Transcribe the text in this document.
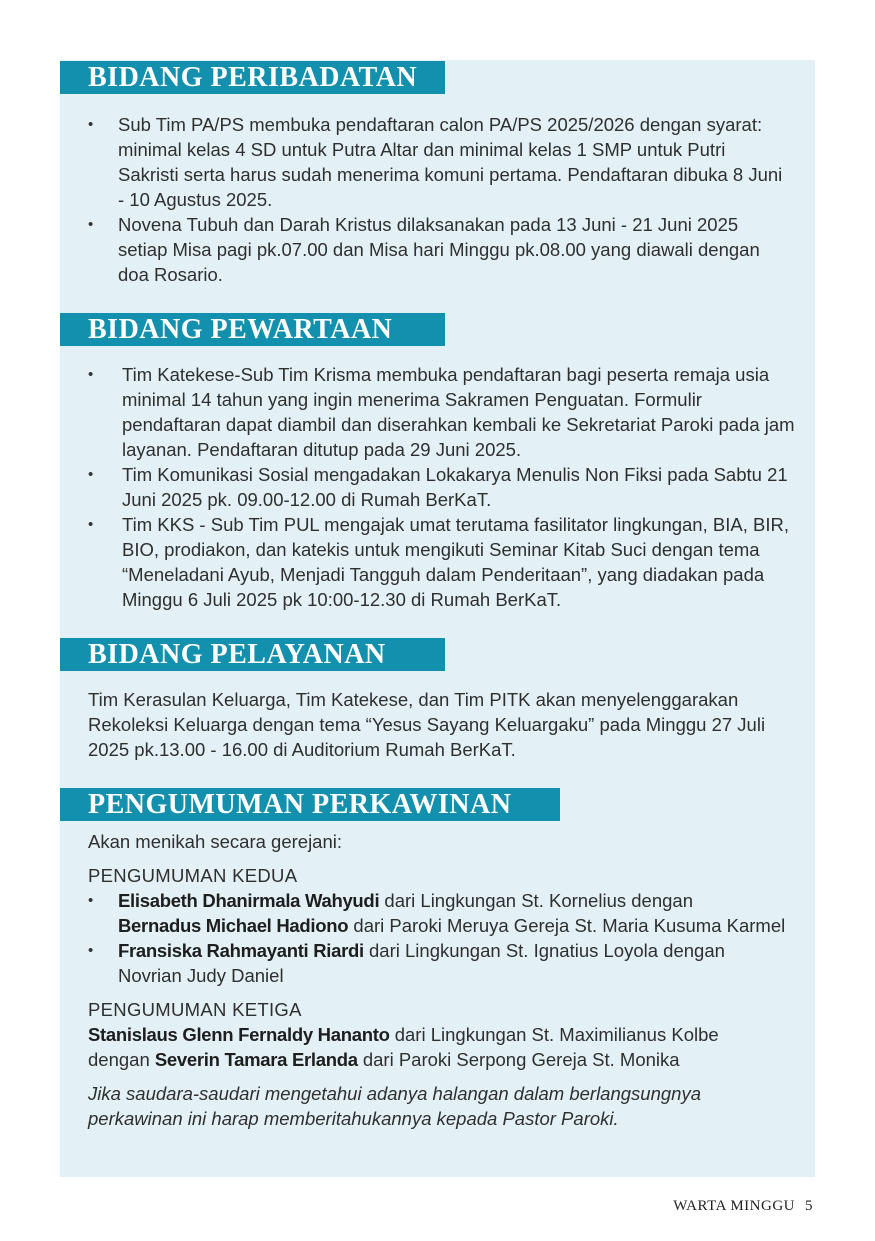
BIDANG PERIBADATAN
• Sub Tim PA/PS membuka pendaftaran calon PA/PS 2025/2026 dengan syarat: minimal kelas 4 SD untuk Putra Altar dan minimal kelas 1 SMP untuk Putri Sakristi serta harus sudah menerima komuni pertama. Pendaftaran dibuka 8 Juni - 10 Agustus 2025.
• Novena Tubuh dan Darah Kristus dilaksanakan pada 13 Juni - 21 Juni 2025 setiap Misa pagi pk.07.00 dan Misa hari Minggu pk.08.00 yang diawali dengan doa Rosario.
BIDANG PEWARTAAN
• Tim Katekese-Sub Tim Krisma membuka pendaftaran bagi peserta remaja usia minimal 14 tahun yang ingin menerima Sakramen Penguatan. Formulir pendaftaran dapat diambil dan diserahkan kembali ke Sekretariat Paroki pada jam layanan. Pendaftaran ditutup pada 29 Juni 2025.
• Tim Komunikasi Sosial mengadakan Lokakarya Menulis Non Fiksi pada Sabtu 21 Juni 2025 pk. 09.00-12.00 di Rumah BerKaT.
• Tim KKS - Sub Tim PUL mengajak umat terutama fasilitator lingkungan, BIA, BIR, BIO, prodiakon, dan katekis untuk mengikuti Seminar Kitab Suci dengan tema “Meneladani Ayub, Menjadi Tangguh dalam Penderitaan”, yang diadakan pada Minggu 6 Juli 2025 pk 10:00-12.30 di Rumah BerKaT.
BIDANG PELAYANAN

Tim Kerasulan Keluarga, Tim Katekese, dan Tim PITK akan menyelenggarakan Rekoleksi Keluarga dengan tema “Yesus Sayang Keluargaku” pada Minggu 27 Juli 2025 pk.13.00 - 16.00 di Auditorium Rumah BerKaT.

PENGUMUMAN PERKAWINAN

Akan menikah secara gerejani:

PENGUMUMAN KEDUA

• Elisabeth Dhanirmala Wahyudi dari Lingkungan St. Kornelius dengan
Bernadus Michael Hadiono dari Paroki Meruya Gereja St. Maria Kusuma Karmel
• Fransiska Rahmayanti Riardi dari Lingkungan St. Ignatius Loyola dengan
Novrian Judy Daniel

PENGUMUMAN KETIGA

Stanislaus Glenn Fernaldy Hananto dari Lingkungan St. Maximilianus Kolbe
dengan Severin Tamara Erlanda dari Paroki Serpong Gereja St. Monika

Jika saudara-saudari mengetahui adanya halangan dalam berlangsungnya perkawinan ini harap memberitahukannya kepada Pastor Paroki.

WARTA MINGGU 5
